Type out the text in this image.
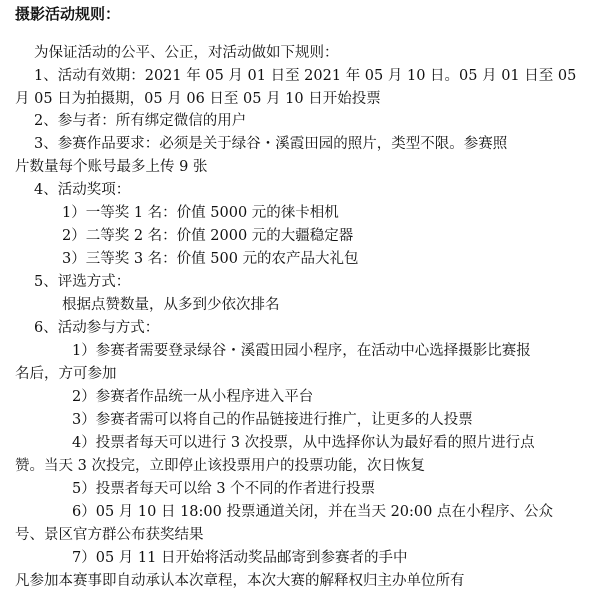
摄影活动规则：
为保证活动的公平、公正，对活动做如下规则：
1、活动有效期：2021 年 05 月 01 日至 2021 年 05 月 10 日。05 月 01 日至 05
月 05 日为拍摄期，05 月 06 日至 05 月 10 日开始投票
2、参与者：所有绑定微信的用户
3、参赛作品要求：必须是关于绿谷・溪霞田园的照片，类型不限。参赛照
片数量每个账号最多上传 9 张
4、活动奖项：
1）一等奖 1 名：价值 5000 元的徕卡相机
2）二等奖 2 名：价值 2000 元的大疆稳定器
3）三等奖 3 名：价值 500 元的农产品大礼包
5、评选方式：
根据点赞数量，从多到少依次排名
6、活动参与方式：
1）参赛者需要登录绿谷・溪霞田园小程序，在活动中心选择摄影比赛报
名后，方可参加
2）参赛者作品统一从小程序进入平台
3）参赛者需可以将自己的作品链接进行推广，让更多的人投票
4）投票者每天可以进行 3 次投票，从中选择你认为最好看的照片进行点
赞。当天 3 次投完，立即停止该投票用户的投票功能，次日恢复
5）投票者每天可以给 3 个不同的作者进行投票
6）05 月 10 日 18:00 投票通道关闭，并在当天 20:00 点在小程序、公众
号、景区官方群公布获奖结果
7）05 月 11 日开始将活动奖品邮寄到参赛者的手中
凡参加本赛事即自动承认本次章程，本次大赛的解释权归主办单位所有
